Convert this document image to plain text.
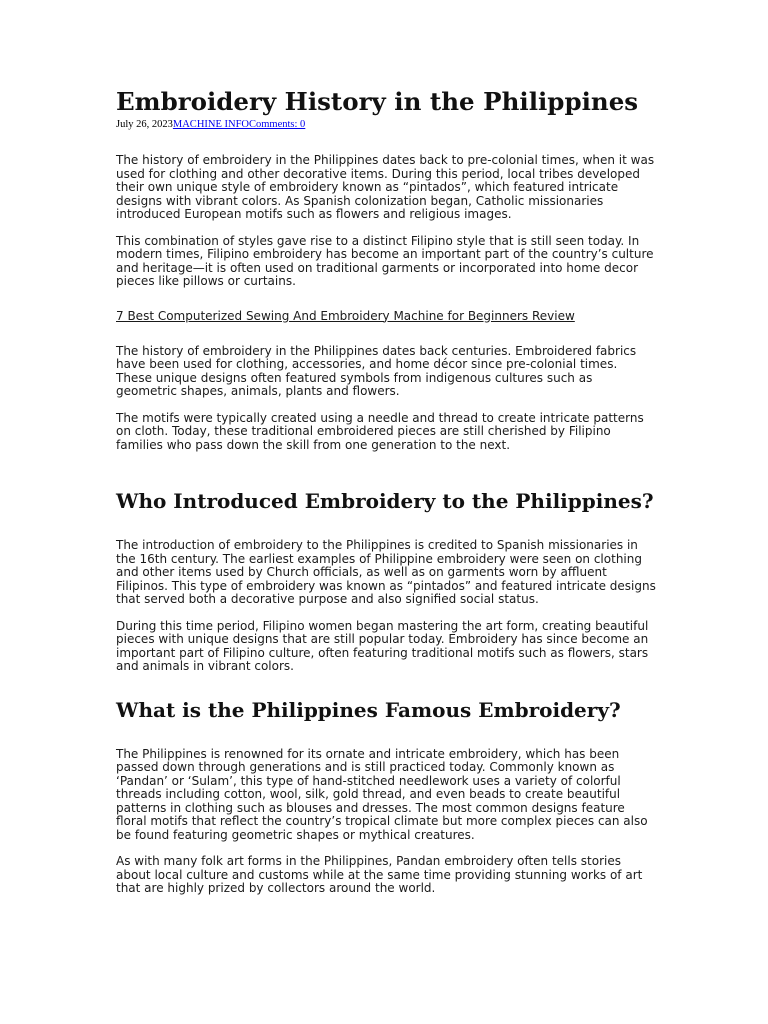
Embroidery History in the Philippines
July 26, 2023MACHINE INFOComments: 0

The history of embroidery in the Philippines dates back to pre-colonial times, when it was used for clothing and other decorative items. During this period, local tribes developed their own unique style of embroidery known as “pintados”, which featured intricate designs with vibrant colors. As Spanish colonization began, Catholic missionaries introduced European motifs such as flowers and religious images.

This combination of styles gave rise to a distinct Filipino style that is still seen today. In modern times, Filipino embroidery has become an important part of the country’s culture and heritage—it is often used on traditional garments or incorporated into home decor pieces like pillows or curtains.

7 Best Computerized Sewing And Embroidery Machine for Beginners Review

The history of embroidery in the Philippines dates back centuries. Embroidered fabrics have been used for clothing, accessories, and home décor since pre-colonial times. These unique designs often featured symbols from indigenous cultures such as geometric shapes, animals, plants and flowers.

The motifs were typically created using a needle and thread to create intricate patterns on cloth. Today, these traditional embroidered pieces are still cherished by Filipino families who pass down the skill from one generation to the next.

Who Introduced Embroidery to the Philippines?

The introduction of embroidery to the Philippines is credited to Spanish missionaries in the 16th century. The earliest examples of Philippine embroidery were seen on clothing and other items used by Church officials, as well as on garments worn by affluent Filipinos. This type of embroidery was known as “pintados” and featured intricate designs that served both a decorative purpose and also signified social status.

During this time period, Filipino women began mastering the art form, creating beautiful pieces with unique designs that are still popular today. Embroidery has since become an important part of Filipino culture, often featuring traditional motifs such as flowers, stars and animals in vibrant colors.

What is the Philippines Famous Embroidery?

The Philippines is renowned for its ornate and intricate embroidery, which has been passed down through generations and is still practiced today. Commonly known as ‘Pandan’ or ‘Sulam’, this type of hand-stitched needlework uses a variety of colorful threads including cotton, wool, silk, gold thread, and even beads to create beautiful patterns in clothing such as blouses and dresses. The most common designs feature floral motifs that reflect the country’s tropical climate but more complex pieces can also be found featuring geometric shapes or mythical creatures.

As with many folk art forms in the Philippines, Pandan embroidery often tells stories about local culture and customs while at the same time providing stunning works of art that are highly prized by collectors around the world.
